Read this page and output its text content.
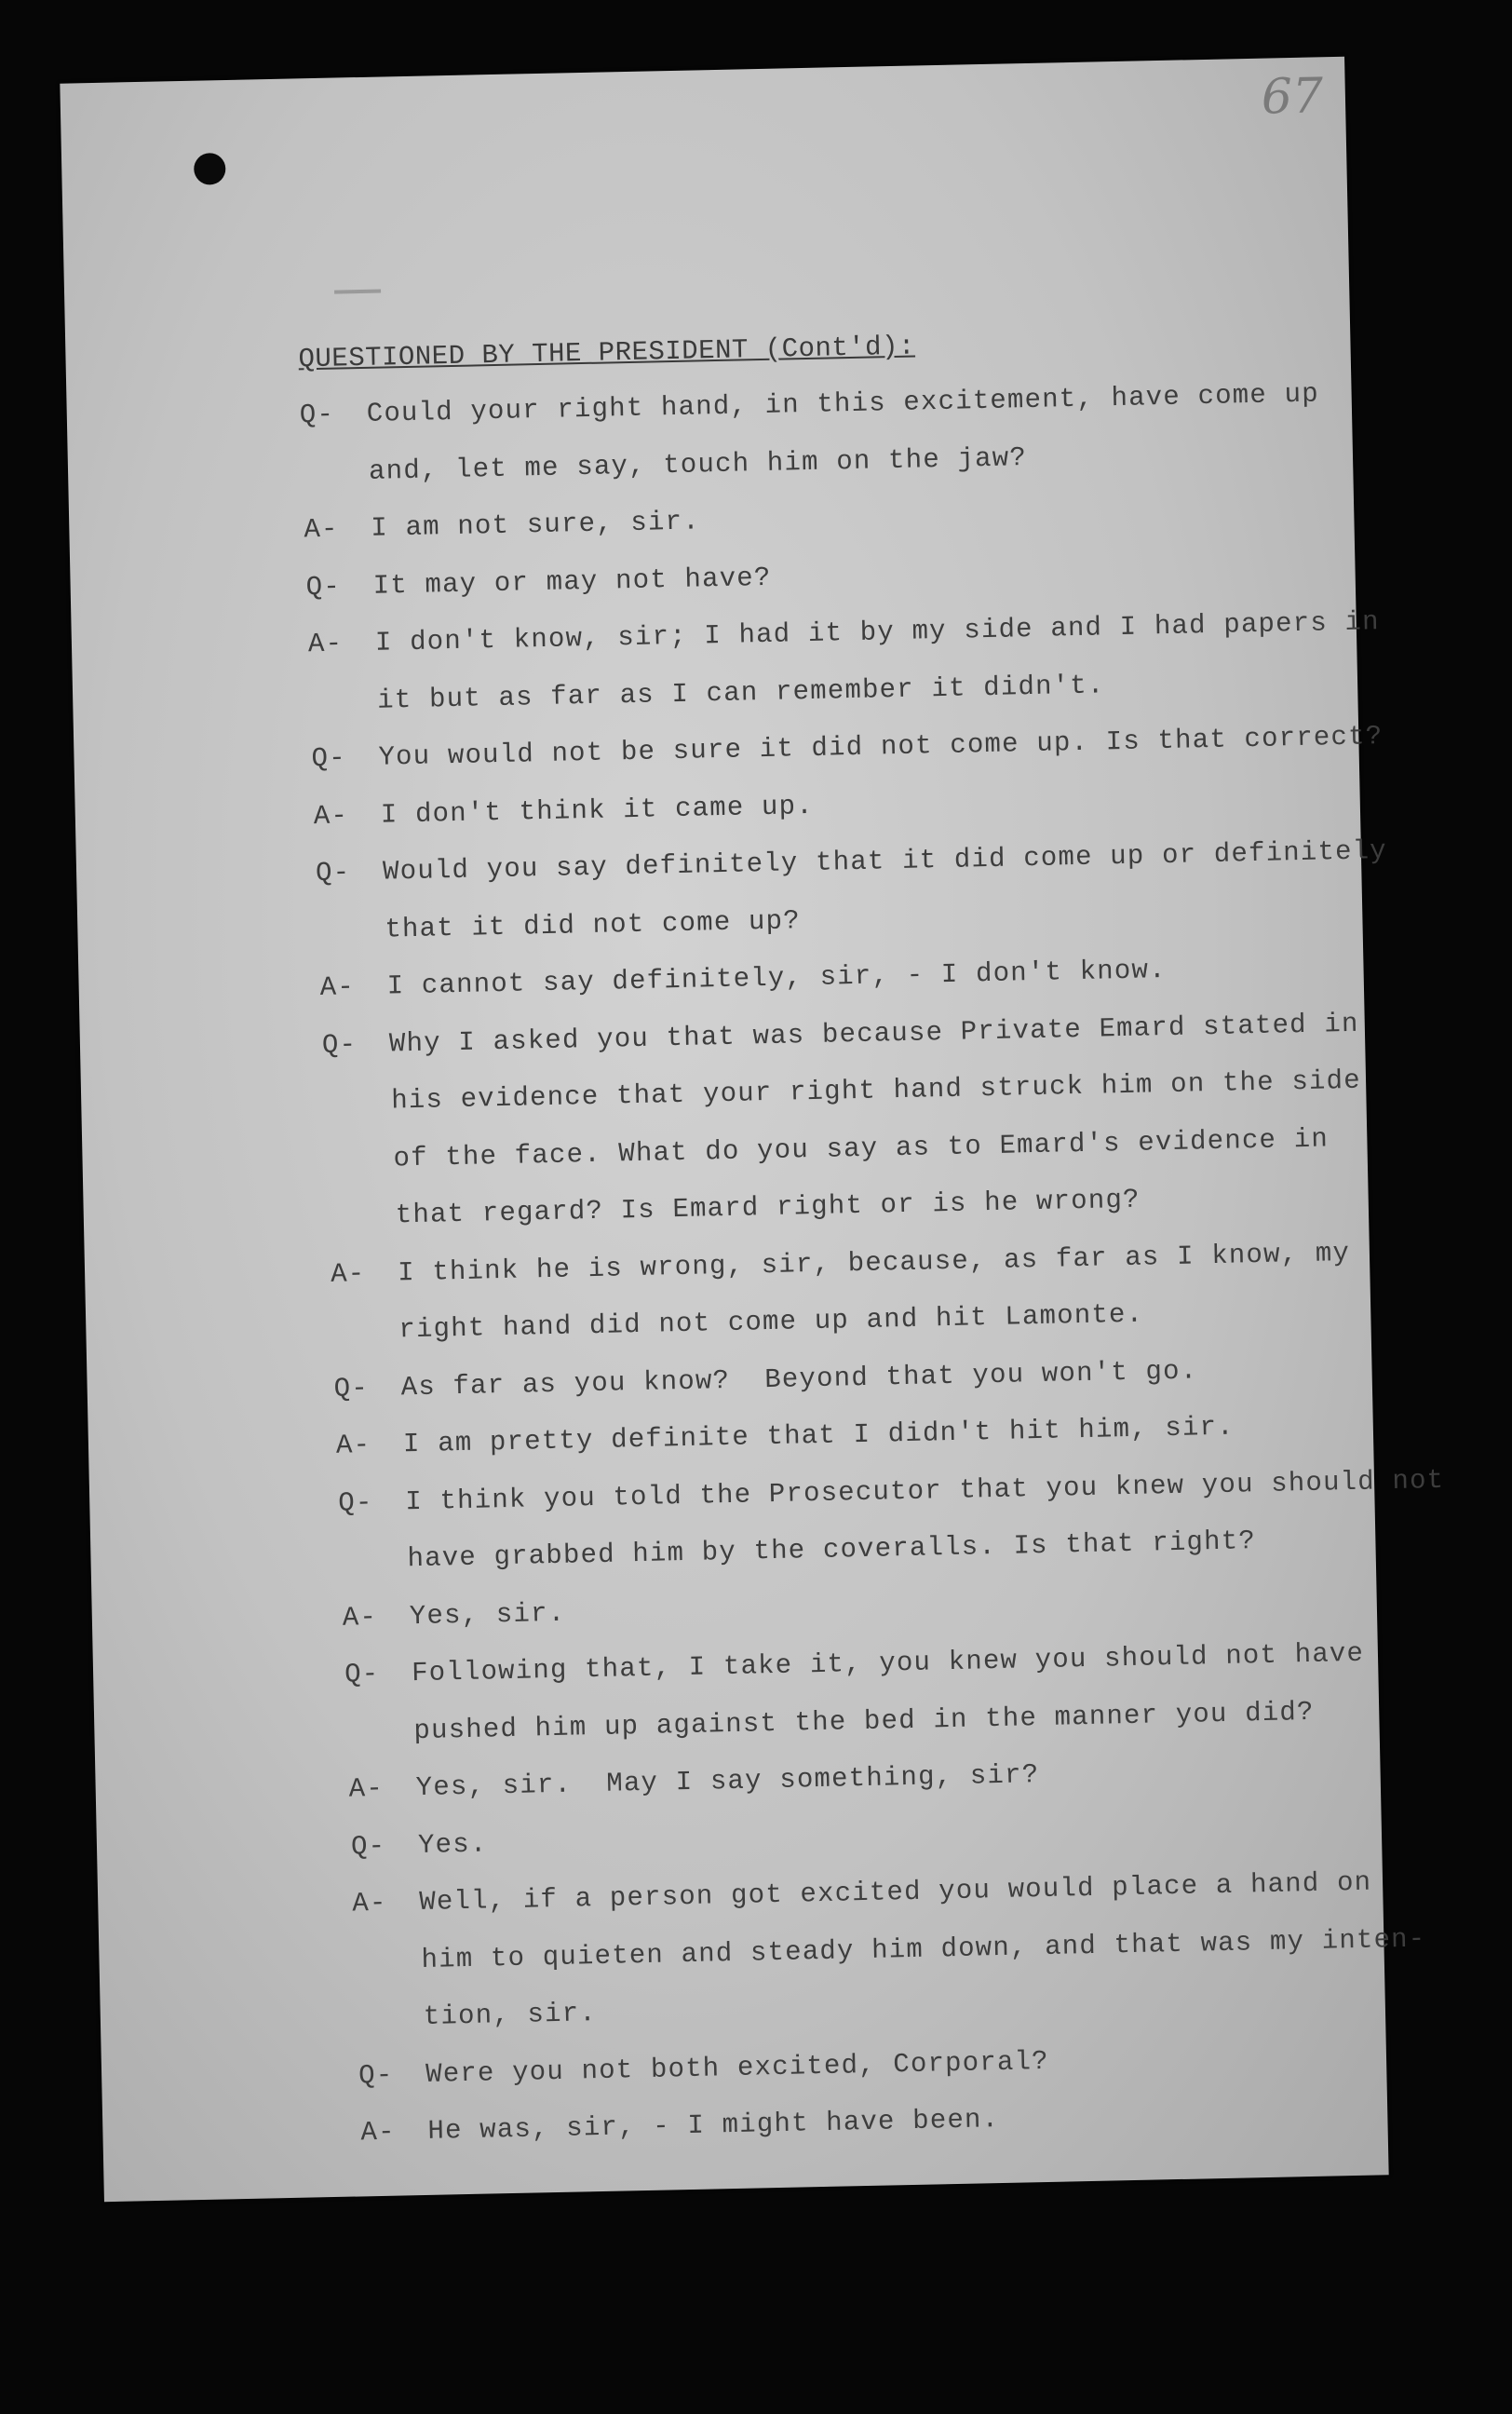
67
QUESTIONED BY THE PRESIDENT (Cont'd):
Q- Could your right hand, in this excitement, have come up
and, let me say, touch him on the jaw?
A- I am not sure, sir.
Q- It may or may not have?
A- I don't know, sir; I had it by my side and I had papers in
it but as far as I can remember it didn't.
Q- You would not be sure it did not come up. Is that correct?
A- I don't think it came up.
Q- Would you say definitely that it did come up or definitely
that it did not come up?
A- I cannot say definitely, sir, - I don't know.
Q- Why I asked you that was because Private Emard stated in
his evidence that your right hand struck him on the side
of the face. What do you say as to Emard's evidence in
that regard? Is Emard right or is he wrong?
A- I think he is wrong, sir, because, as far as I know, my
right hand did not come up and hit Lamonte.
Q- As far as you know?  Beyond that you won't go.
A- I am pretty definite that I didn't hit him, sir.
Q- I think you told the Prosecutor that you knew you should not
have grabbed him by the coveralls. Is that right?
A- Yes, sir.
Q- Following that, I take it, you knew you should not have
pushed him up against the bed in the manner you did?
A- Yes, sir.  May I say something, sir?
Q- Yes.
A- Well, if a person got excited you would place a hand on
him to quieten and steady him down, and that was my inten-
tion, sir.
Q- Were you not both excited, Corporal?
A- He was, sir, - I might have been.
